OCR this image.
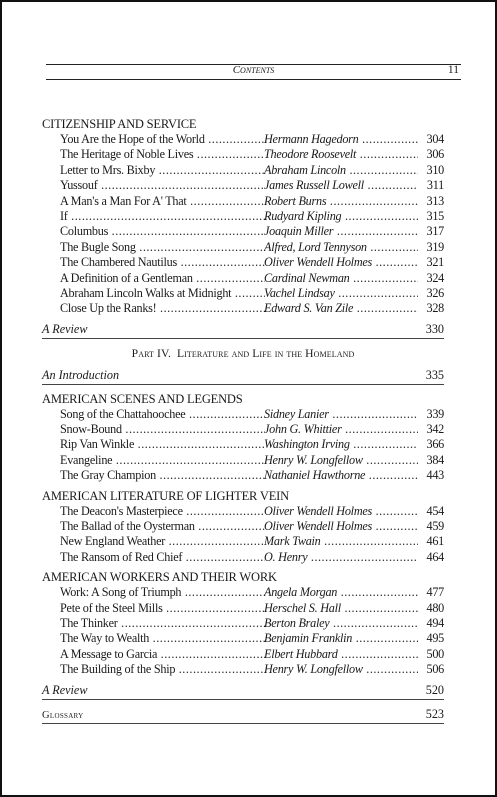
Contents	11
CITIZENSHIP AND SERVICE
You Are the Hope of the World .....	Hermann Hagedorn .....	304
The Heritage of Noble Lives .....	Theodore Roosevelt .....	306
Letter to Mrs. Bixby .....	Abraham Lincoln .....	310
Yussouf .....	James Russell Lowell .....	311
A Man's a Man For A' That .....	Robert Burns .....	313
If .....	Rudyard Kipling .....	315
Columbus .....	Joaquin Miller .....	317
The Bugle Song .....	Alfred, Lord Tennyson .....	319
The Chambered Nautilus .....	Oliver Wendell Holmes .....	321
A Definition of a Gentleman .....	Cardinal Newman .....	324
Abraham Lincoln Walks at Midnight .....	Vachel Lindsay .....	326
Close Up the Ranks! .....	Edward S. Van Zile .....	328
A Review	330
Part IV. Literature and Life in the Homeland
An Introduction	335
AMERICAN SCENES AND LEGENDS
Song of the Chattahoochee .....	Sidney Lanier .....	339
Snow-Bound .....	John G. Whittier .....	342
Rip Van Winkle .....	Washington Irving .....	366
Evangeline .....	Henry W. Longfellow .....	384
The Gray Champion .....	Nathaniel Hawthorne .....	443
AMERICAN LITERATURE OF LIGHTER VEIN
The Deacon's Masterpiece .....	Oliver Wendell Holmes .....	454
The Ballad of the Oysterman .....	Oliver Wendell Holmes .....	459
New England Weather .....	Mark Twain .....	461
The Ransom of Red Chief .....	O. Henry .....	464
AMERICAN WORKERS AND THEIR WORK
Work: A Song of Triumph .....	Angela Morgan .....	477
Pete of the Steel Mills .....	Herschel S. Hall .....	480
The Thinker .....	Berton Braley .....	494
The Way to Wealth .....	Benjamin Franklin .....	495
A Message to Garcia .....	Elbert Hubbard .....	500
The Building of the Ship .....	Henry W. Longfellow .....	506
A Review	520
Glossary	523
